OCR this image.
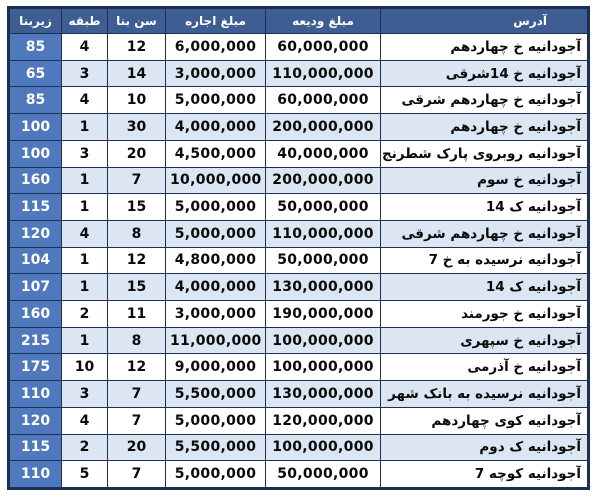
زیربنا	طبقه	سن بنا	مبلغ اجاره	مبلغ ودیعه	آدرس
85	4	12	6,000,000	60,000,000	آجودانیه خ چهاردهم
65	3	14	3,000,000	110,000,000	آجودانیه خ 14شرقی
85	4	10	5,000,000	60,000,000	آجودانیه خ چهاردهم شرقی
100	1	30	4,000,000	200,000,000	آجودانیه خ چهاردهم
100	3	20	4,500,000	40,000,000	آجودانیه روبروی پارک شطرنج
160	1	7	10,000,000	200,000,000	آجودانیه خ سوم
115	1	15	5,000,000	50,000,000	آجودانیه ک 14
120	4	8	5,000,000	110,000,000	آجودانیه خ چهاردهم شرقی
104	1	12	4,800,000	50,000,000	آجودانیه نرسیده به خ 7
107	1	15	4,000,000	130,000,000	آجودانیه ک 14
160	2	11	3,000,000	190,000,000	آجودانیه خ جورمند
215	1	8	11,000,000	100,000,000	آجودانیه خ سپهری
175	10	12	9,000,000	100,000,000	آجودانیه خ آذرمی
110	3	7	5,500,000	130,000,000	آجودانیه نرسیده به بانک شهر
120	4	7	5,000,000	120,000,000	آجودانیه کوی چهاردهم
115	2	20	5,500,000	100,000,000	آجودانیه ک دوم
110	5	7	5,000,000	50,000,000	آجودانیه کوچه 7
